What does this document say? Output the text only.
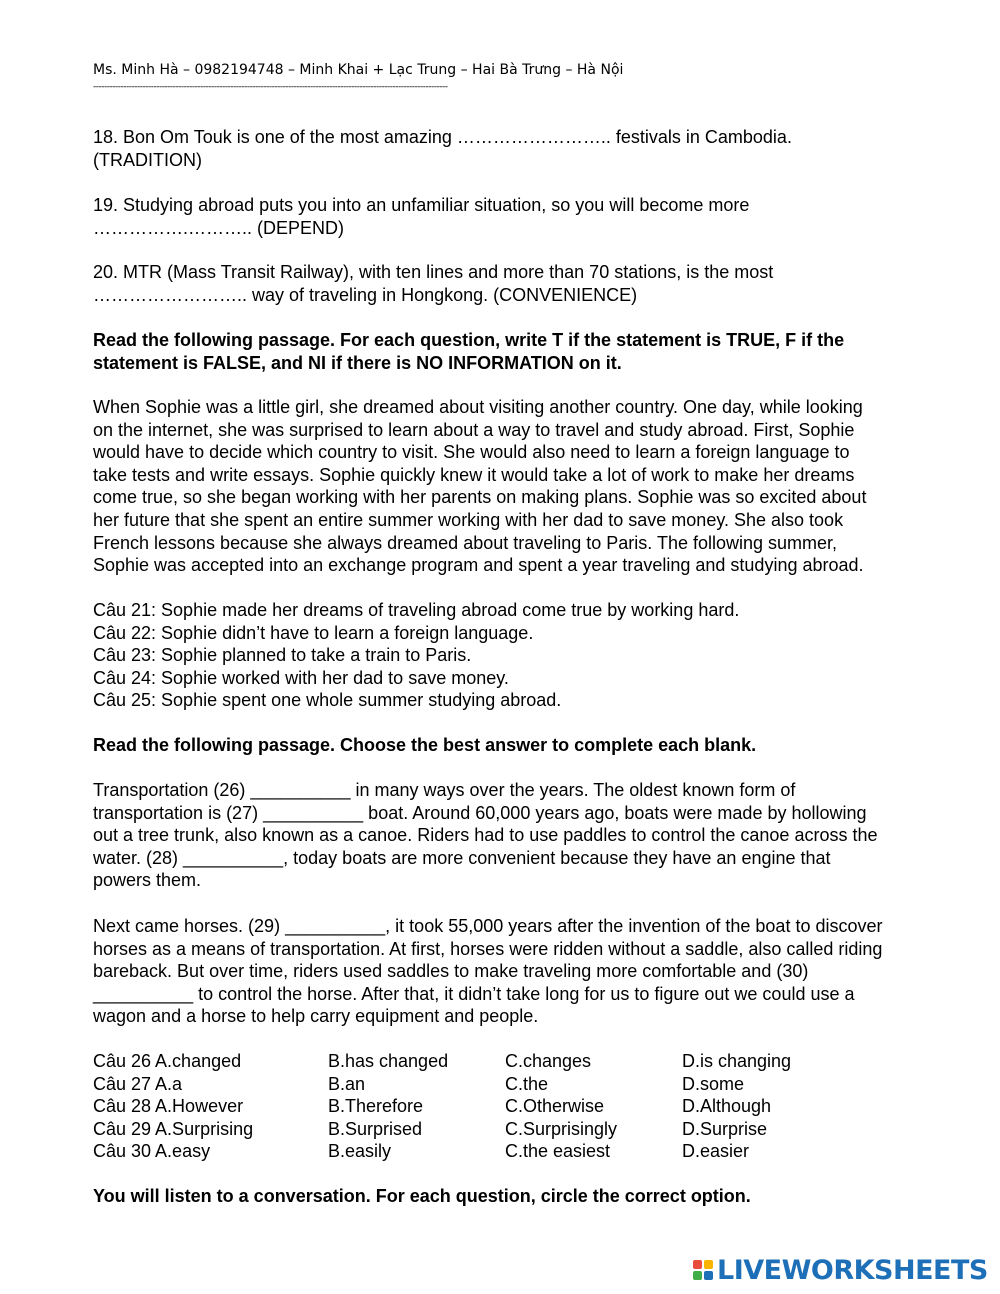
Ms. Minh Hà – 0982194748 – Minh Khai + Lạc Trung – Hai Bà Trưng – Hà Nội
---------------------------------------------------------------------------------------------------------------------------------
18. Bon Om Touk is one of the most amazing …………………….. festivals in Cambodia.
(TRADITION)
19. Studying abroad puts you into an unfamiliar situation, so you will become more
…………….……….. (DEPEND)
20. MTR (Mass Transit Railway), with ten lines and more than 70 stations, is the most
…………………….. way of traveling in Hongkong. (CONVENIENCE)
Read the following passage. For each question, write T if the statement is TRUE, F if the
statement is FALSE, and NI if there is NO INFORMATION on it.
When Sophie was a little girl, she dreamed about visiting another country. One day, while looking
on the internet, she was surprised to learn about a way to travel and study abroad. First, Sophie
would have to decide which country to visit. She would also need to learn a foreign language to
take tests and write essays. Sophie quickly knew it would take a lot of work to make her dreams
come true, so she began working with her parents on making plans. Sophie was so excited about
her future that she spent an entire summer working with her dad to save money. She also took
French lessons because she always dreamed about traveling to Paris. The following summer,
Sophie was accepted into an exchange program and spent a year traveling and studying abroad.
Câu 21: Sophie made her dreams of traveling abroad come true by working hard.
Câu 22: Sophie didn’t have to learn a foreign language.
Câu 23: Sophie planned to take a train to Paris.
Câu 24: Sophie worked with her dad to save money.
Câu 25: Sophie spent one whole summer studying abroad.
Read the following passage. Choose the best answer to complete each blank.
Transportation (26) __________ in many ways over the years. The oldest known form of
transportation is (27) __________ boat. Around 60,000 years ago, boats were made by hollowing
out a tree trunk, also known as a canoe. Riders had to use paddles to control the canoe across the
water. (28) __________, today boats are more convenient because they have an engine that
powers them.
Next came horses. (29) __________, it took 55,000 years after the invention of the boat to discover
horses as a means of transportation. At first, horses were ridden without a saddle, also called riding
bareback. But over time, riders used saddles to make traveling more comfortable and (30)
__________ to control the horse. After that, it didn’t take long for us to figure out we could use a
wagon and a horse to help carry equipment and people.
Câu 26 A.changed	B.has changed	C.changes	D.is changing
Câu 27 A.a	B.an	C.the	D.some
Câu 28 A.However	B.Therefore	C.Otherwise	D.Although
Câu 29 A.Surprising	B.Surprised	C.Surprisingly	D.Surprise
Câu 30 A.easy	B.easily	C.the easiest	D.easier
You will listen to a conversation. For each question, circle the correct option.
LIVEWORKSHEETS
